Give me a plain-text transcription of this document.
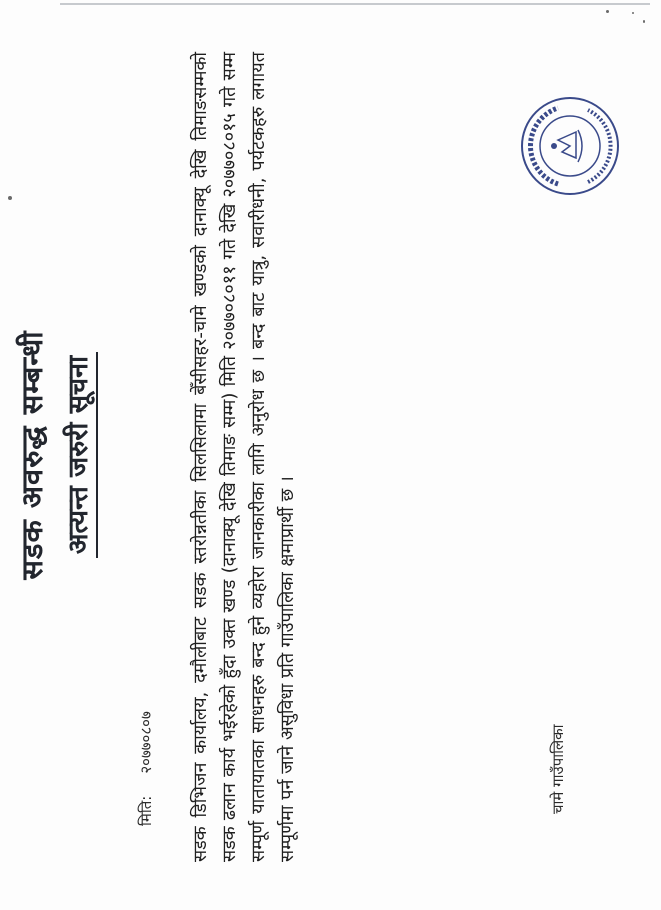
सडक अवरुद्ध सम्बन्धी अत्यन्त जरुरी सूचना
मिति:२०७७०८०७ सडक डिभिजन कार्यालय, दमौलीबाट सडक स्तरोन्नतीका सिलसिलामा बेँसीसहर-चामे खण्डको दानाक्यू देखि तिमाङसम्मको सडक ढलान कार्य भईरहेको हुँदा उक्त खण्ड (दानाक्यू देखि तिमाङ सम्म) मिति २०७७०८०११ गते देखि २०७७०८०१५ गते सम्म सम्पूर्ण यातायातका साधनहरु बन्द हुने व्यहोरा जानकारीका लागि अनुरोध छ । बन्द बाट यात्रु, सवारीधनी, पर्यटकहरु लगायत सम्पूर्णमा पर्न जाने असुविधा प्रति गाउँपालिका क्षमाप्रार्थी छ ।	चामे गाउँपालिका
